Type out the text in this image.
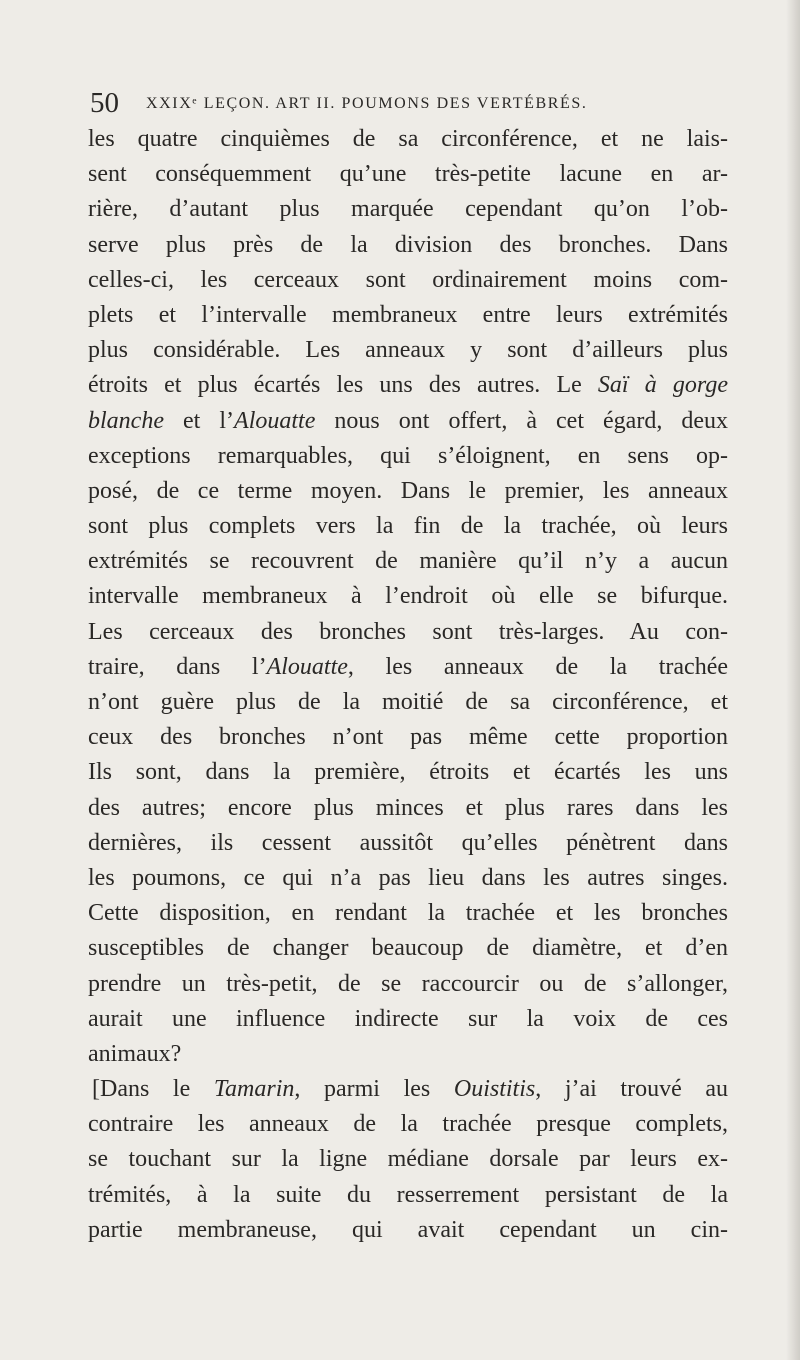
50 XXIXᵉ LEÇON. ART II. POUMONS DES VERTÉBRÉS.
les quatre cinquièmes de sa circonférence, et ne lais-
sent conséquemment qu’une très-petite lacune en ar-
rière, d’autant plus marquée cependant qu’on l’ob-
serve plus près de la division des bronches. Dans
celles-ci, les cerceaux sont ordinairement moins com-
plets et l’intervalle membraneux entre leurs extrémités
plus considérable. Les anneaux y sont d’ailleurs plus
étroits et plus écartés les uns des autres. Le Saï à gorge
blanche et l’Alouatte nous ont offert, à cet égard, deux
exceptions remarquables, qui s’éloignent, en sens op-
posé, de ce terme moyen. Dans le premier, les anneaux
sont plus complets vers la fin de la trachée, où leurs
extrémités se recouvrent de manière qu’il n’y a aucun
intervalle membraneux à l’endroit où elle se bifurque.
Les cerceaux des bronches sont très-larges. Au con-
traire, dans l’Alouatte, les anneaux de la trachée
n’ont guère plus de la moitié de sa circonférence, et
ceux des bronches n’ont pas même cette proportion
Ils sont, dans la première, étroits et écartés les uns
des autres; encore plus minces et plus rares dans les
dernières, ils cessent aussitôt qu’elles pénètrent dans
les poumons, ce qui n’a pas lieu dans les autres singes.
Cette disposition, en rendant la trachée et les bronches
susceptibles de changer beaucoup de diamètre, et d’en
prendre un très-petit, de se raccourcir ou de s’allonger,
aurait une influence indirecte sur la voix de ces
animaux?
[Dans le Tamarin, parmi les Ouistitis, j’ai trouvé au
contraire les anneaux de la trachée presque complets,
se touchant sur la ligne médiane dorsale par leurs ex-
trémités, à la suite du resserrement persistant de la
partie membraneuse, qui avait cependant un cin-
